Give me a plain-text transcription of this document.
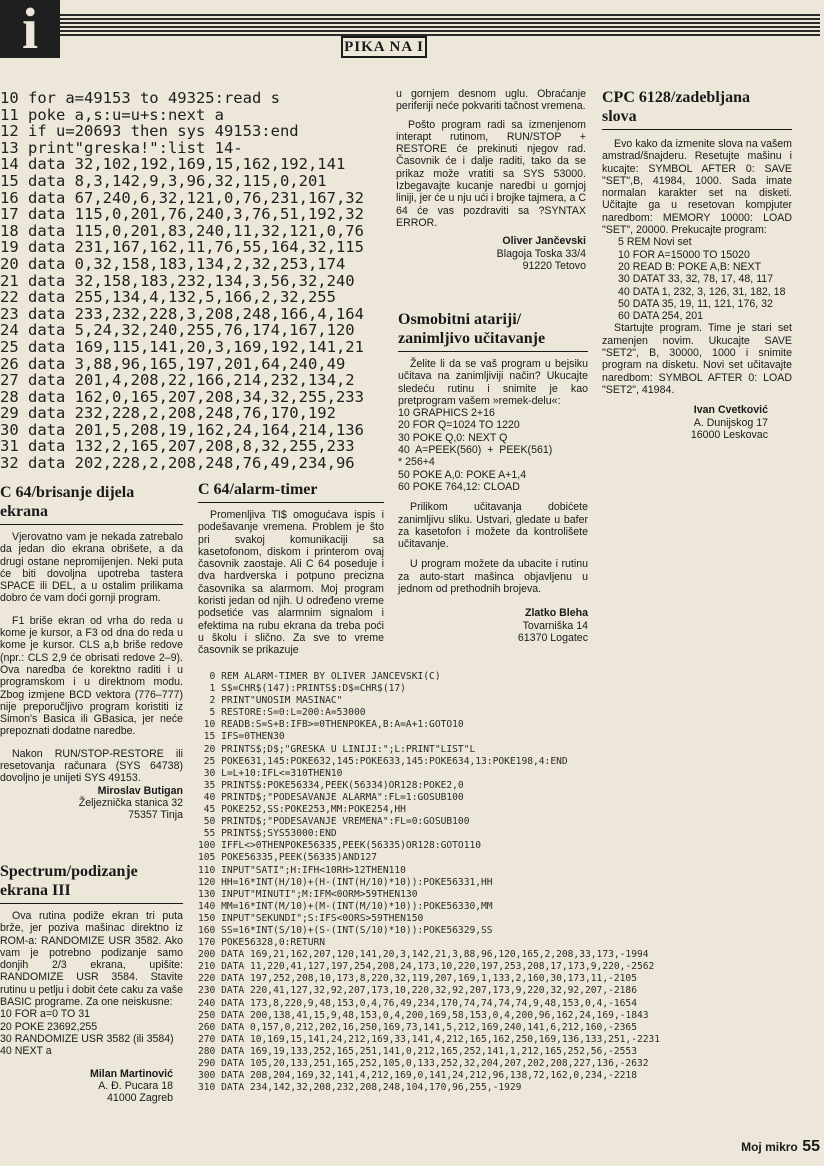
i	PIKA NA I
10 for a=49153 to 49325:read s
11 poke a,s:u=u+s:next a
12 if u=20693 then sys 49153:end
13 print"greska!":list 14-
14 data 32,102,192,169,15,162,192,141
15 data 8,3,142,9,3,96,32,115,0,201
16 data 67,240,6,32,121,0,76,231,167,32
17 data 115,0,201,76,240,3,76,51,192,32
18 data 115,0,201,83,240,11,32,121,0,76
19 data 231,167,162,11,76,55,164,32,115
20 data 0,32,158,183,134,2,32,253,174
21 data 32,158,183,232,134,3,56,32,240
22 data 255,134,4,132,5,166,2,32,255
23 data 233,232,228,3,208,248,166,4,164
24 data 5,24,32,240,255,76,174,167,120
25 data 169,115,141,20,3,169,192,141,21
26 data 3,88,96,165,197,201,64,240,49
27 data 201,4,208,22,166,214,232,134,2
28 data 162,0,165,207,208,34,32,255,233
29 data 232,228,2,208,248,76,170,192
30 data 201,5,208,19,162,24,164,214,136
31 data 132,2,165,207,208,8,32,255,233
32 data 202,228,2,208,248,76,49,234,96

u gornjem desnom uglu. Obraćanje periferiji neće pokvariti tačnost vremena.

Pošto program radi sa izmenjenom interapt rutinom, RUN/STOP + RESTORE će prekinuti njegov rad. Časovnik će i dalje raditi, tako da se prikaz može vratiti sa SYS 53000. Izbegavajte kucanje naredbi u gornjoj liniji, jer će u nju ući i brojke tajmera, a C 64 će vas pozdraviti sa ?SYNTAX ERROR.

Oliver Jančevski
Blagoja Toska 33/4
91220 Tetovo
Osmobitni atariji/
zanimljivo učitavanje

Želite li da se vaš program u bejsiku učitava na zanimljiviji način? Ukucajte sledeću rutinu i snimite je kao pretprogram vašem »remek-delu«:

10 GRAPHICS 2+16
20 FOR Q=1024 TO 1220
30 POKE Q,0: NEXT Q
40  A=PEEK(560)  +  PEEK(561)
* 256+4
50 POKE A,0: POKE A+1,4
60 POKE 764,12: CLOAD

Prilikom učitavanja dobićete zanimljivu sliku. Ustvari, gledate u bafer za kasetofon i možete da kontrolišete učitavanje.

U program možete da ubacite i rutinu za auto-start mašinca objavljenu u jednom od prethodnih brojeva.

Zlatko Bleha
Tovarniška 14
61370 Logatec
CPC 6128/zadebljana
slova

Evo kako da izmenite slova na vašem amstrad/šnajderu. Resetujte mašinu i kucajte: SYMBOL AFTER 0: SAVE "SET",B, 41984, 1000. Sada imate normalan karakter set na disketi. Učitajte ga u resetovan kompjuter naredbom: MEMORY 10000: LOAD "SET", 20000. Prekucajte program:

5 REM Novi set
10 FOR A=15000 TO 15020
20 READ B: POKE A,B: NEXT
30 DATAT 33, 32, 78, 17, 48, 117
40 DATA 1, 232, 3, 126, 31, 182, 18
50 DATA 35, 19, 11, 121, 176, 32
60 DATA 254, 201

Startujte program. Time je stari set zamenjen novim. Ukucajte SAVE "SET2", B, 30000, 1000 i snimite program na disketu. Novi set učitavajte naredbom: SYMBOL AFTER 0: LOAD "SET2", 41984.

Ivan Cvetković
A. Dunijskog 17
16000 Leskovac
C 64/brisanje dijela
ekrana

Vjerovatno vam je nekada zatrebalo da jedan dio ekrana obrišete, a da drugi ostane nepromijenjen. Neki puta će biti dovoljna upotreba tastera SPACE ili DEL, a u ostalim prilikama dobro će vam doći gornji program.

F1 briše ekran od vrha do reda u kome je kursor, a F3 od dna do reda u kome je kursor. CLS a,b briše redove (npr.: CLS 2,9 će obrisati redove 2–9). Ova naredba će korektno raditi i u programskom i u direktnom modu. Zbog izmjene BCD vektora (776–777) nije preporučljivo program koristiti iz Simon's Basica ili GBasica, jer neće prepoznati dodatne naredbe.

Nakon RUN/STOP-RESTORE ili resetovanja računara (SYS 64738) dovoljno je unijeti SYS 49153.

Miroslav Butigan
Željeznička stanica 32
75357 Tinja
Spectrum/podizanje
ekrana III

Ova rutina podiže ekran tri puta brže, jer poziva mašinac direktno iz ROM-a: RANDOMIZE USR 3582. Ako vam je potrebno podizanje samo donjih 2/3 ekrana, upišite: RANDOMIZE USR 3584. Stavite rutinu u petlju i dobit ćete caku za vaše BASIC programe. Za one neiskusne:

10 FOR a=0 TO 31
20 POKE 23692,255
30 RANDOMIZE USR 3582 (ili 3584)
40 NEXT a
Milan Martinović
A. Đ. Pucara 18
41000 Zagreb
C 64/alarm-timer

Promenljiva TI$ omogućava ispis i podešavanje vremena. Problem je što pri svakoj komunikaciji sa kasetofonom, diskom i printerom ovaj časovnik zaostaje. Ali C 64 poseduje i dva hardverska i potpuno precizna časovnika sa alarmom. Moj program koristi jedan od njih. U određeno vreme podsetiće vas alarmnim signalom i efektima na rubu ekrana da treba poći u školu i slično. Za sve to vreme časovnik se prikazuje

0 REM ALARM-TIMER BY OLIVER JANCEVSKI(C)
1 S$=CHR$(147):PRINTS$:D$=CHR$(17)
2 PRINT"UNOSIM MASINAC"
5 RESTORE:S=0:L=200:A=53000
10 READB:S=S+B:IFB>=0THENPOKEA,B:A=A+1:GOTO10
15 IFS=0THEN30
20 PRINTS$;D$;"GRESKA U LINIJI:";L:PRINT"LIST"L
25 POKE631,145:POKE632,145:POKE633,145:POKE634,13:POKE198,4:END
30 L=L+10:IFL<=310THEN10
35 PRINTS$:POKE56334,PEEK(56334)OR128:POKE2,0
40 PRINTD$;"PODESAVANJE ALARMA":FL=1:GOSUB100
45 POKE252,SS:POKE253,MM:POKE254,HH
50 PRINTD$;"PODESAVANJE VREMENA":FL=0:GOSUB100
55 PRINTS$;SYS53000:END
100 IFFL<>0THENPOKE56335,PEEK(56335)OR128:GOTO110
105 POKE56335,PEEK(56335)AND127
110 INPUT"SATI";H:IFH<10RH>12THEN110
120 HH=16*INT(H/10)+(H-(INT(H/10)*10)):POKE56331,HH
130 INPUT"MINUTI";M:IFM<0ORM>59THEN130
140 MM=16*INT(M/10)+(M-(INT(M/10)*10)):POKE56330,MM
150 INPUT"SEKUNDI";S:IFS<0ORS>59THEN150
160 SS=16*INT(S/10)+(S-(INT(S/10)*10)):POKE56329,SS
170 POKE56328,0:RETURN
200 DATA 169,21,162,207,120,141,20,3,142,21,3,88,96,120,165,2,208,33,173,-1994
210 DATA 11,220,41,127,197,254,208,24,173,10,220,197,253,208,17,173,9,220,-2562
220 DATA 197,252,208,10,173,8,220,32,119,207,169,1,133,2,160,30,173,11,-2105
230 DATA 220,41,127,32,92,207,173,10,220,32,92,207,173,9,220,32,92,207,-2186
240 DATA 173,8,220,9,48,153,0,4,76,49,234,170,74,74,74,74,9,48,153,0,4,-1654
250 DATA 200,138,41,15,9,48,153,0,4,200,169,58,153,0,4,200,96,162,24,169,-1843
260 DATA 0,157,0,212,202,16,250,169,73,141,5,212,169,240,141,6,212,160,-2365
270 DATA 10,169,15,141,24,212,169,33,141,4,212,165,162,250,169,136,133,251,-2231
280 DATA 169,19,133,252,165,251,141,0,212,165,252,141,1,212,165,252,56,-2553
290 DATA 105,20,133,251,165,252,105,0,133,252,32,204,207,202,208,227,136,-2632
300 DATA 208,204,169,32,141,4,212,169,0,141,24,212,96,138,72,162,0,234,-2218
310 DATA 234,142,32,208,232,208,248,104,170,96,255,-1929
Moj mikro 55
